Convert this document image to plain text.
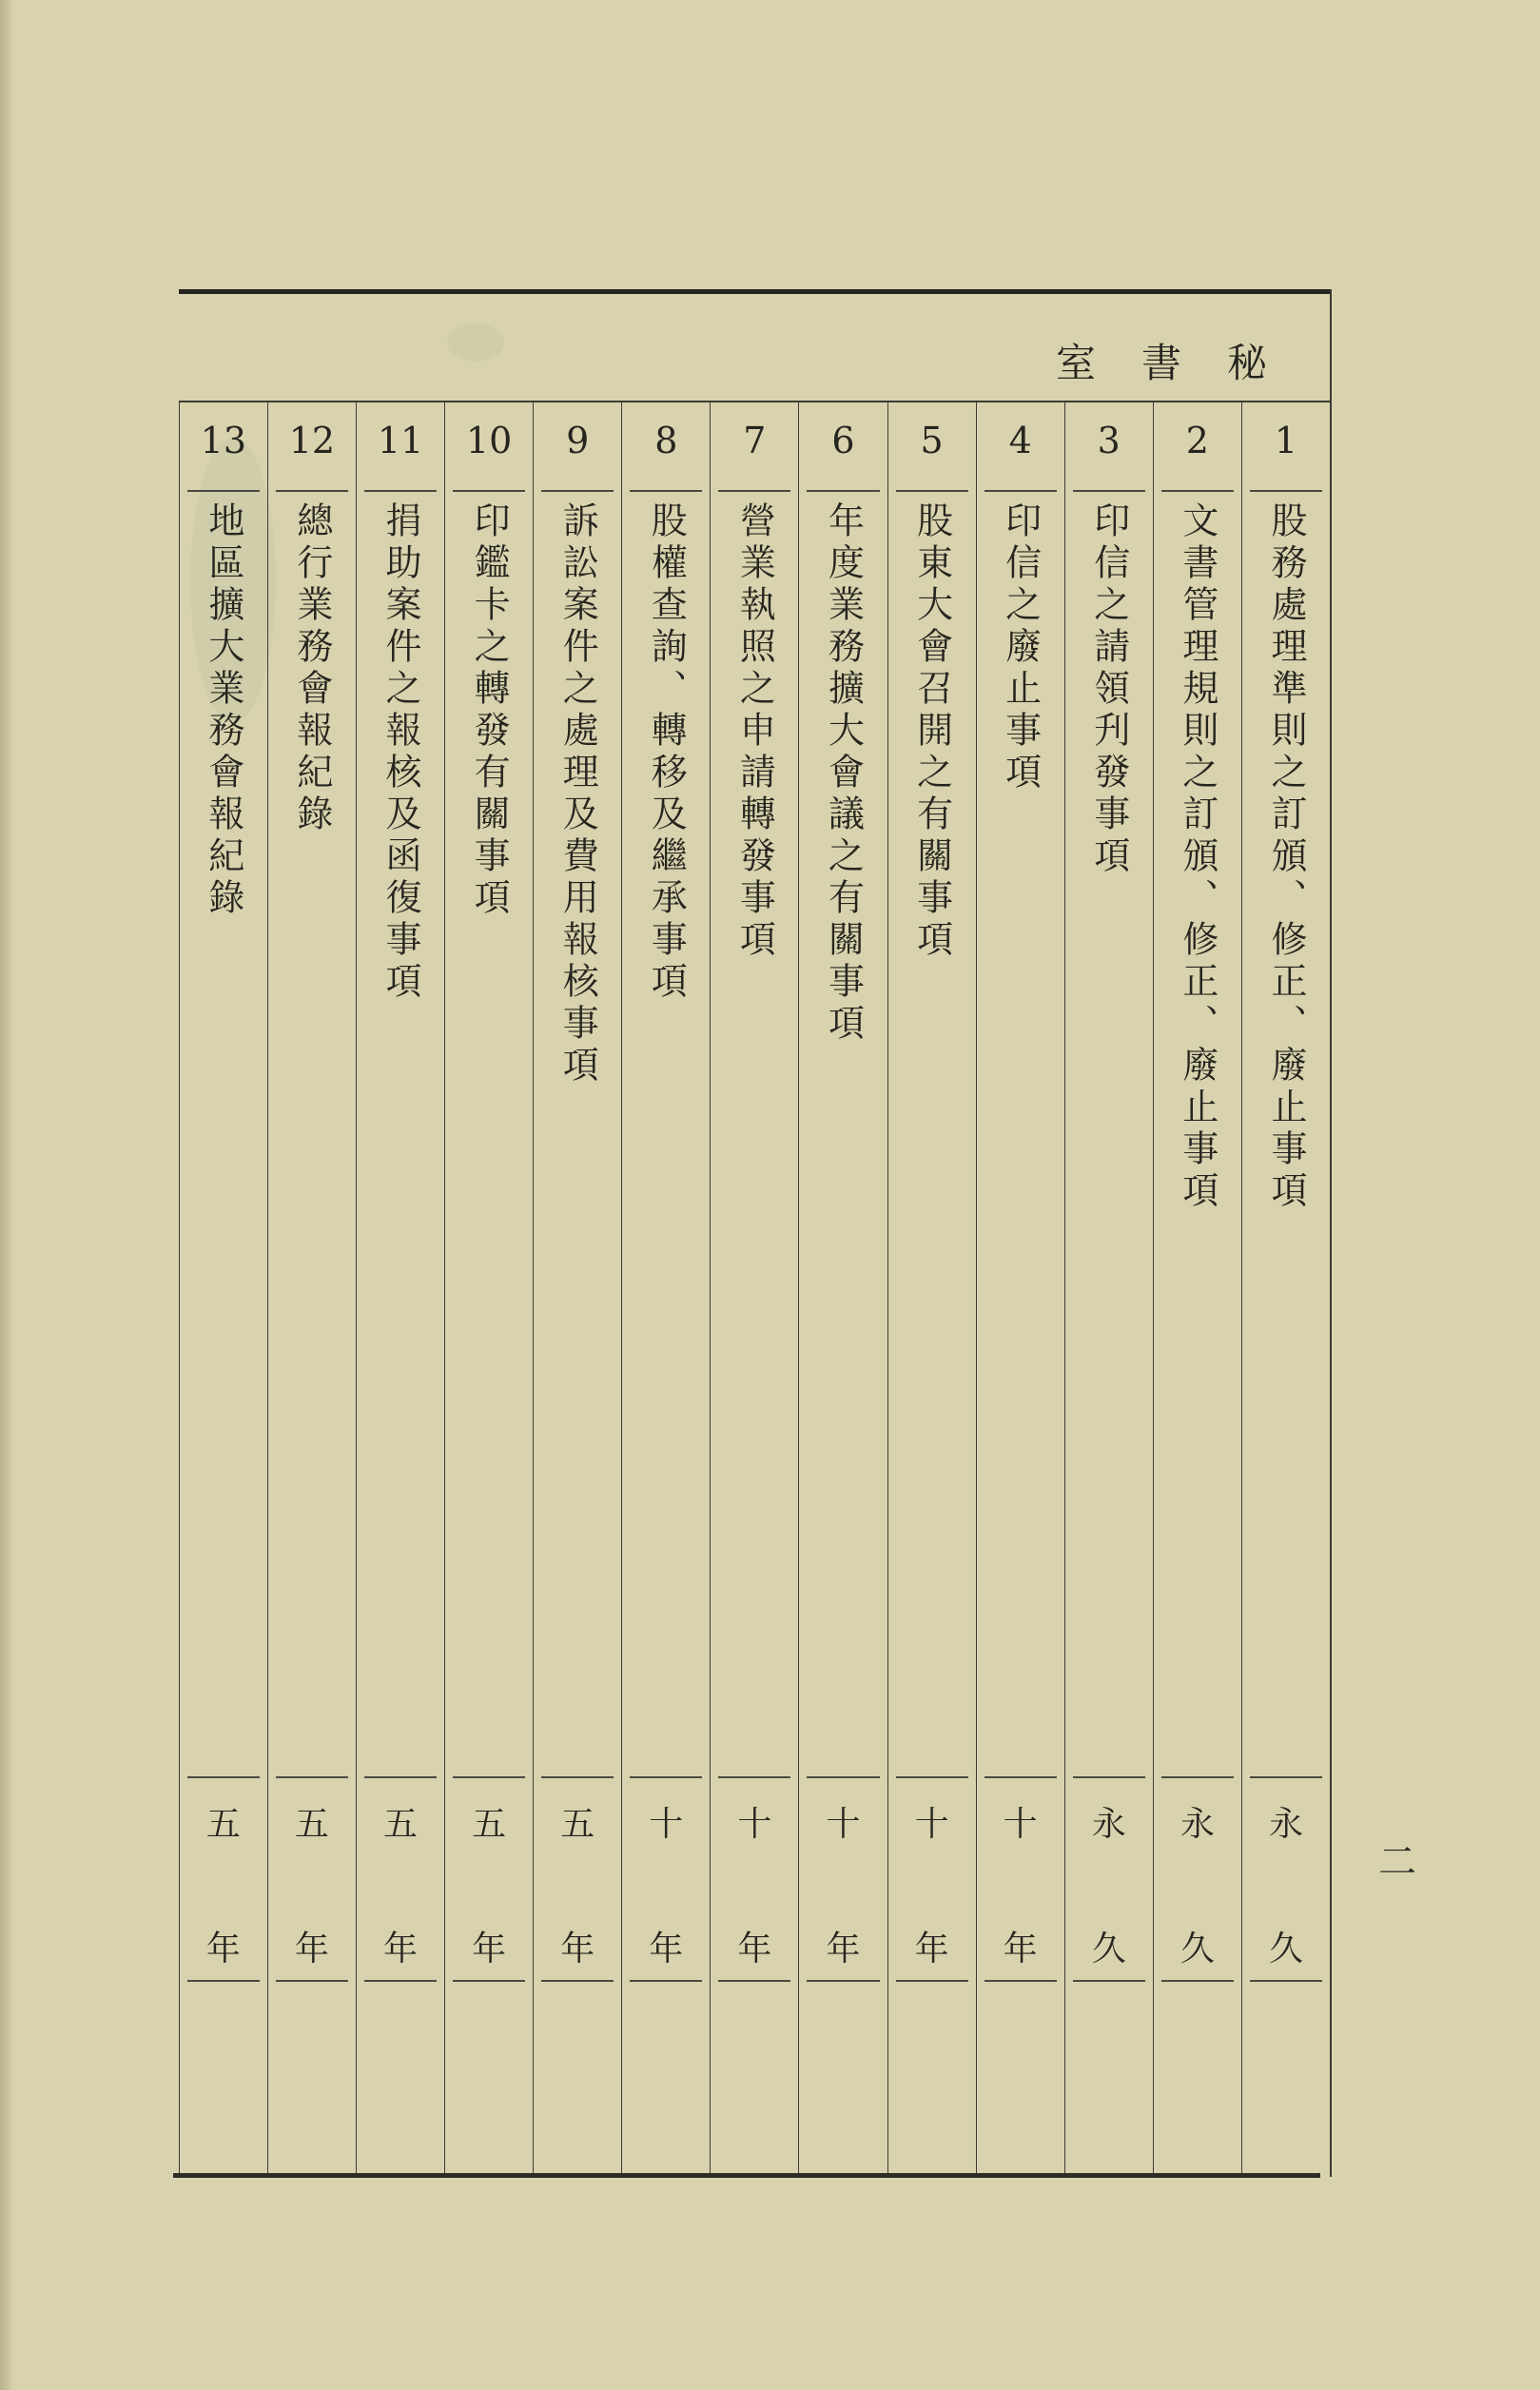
秘書室
1
股務處理準則之訂頒、修正、廢止事項
永
久
2
文書管理規則之訂頒、修正、廢止事項
永
久
3
印信之請領刋發事項
永
久
4
印信之廢止事項
十
年
5
股東大會召開之有關事項
十
年
6
年度業務擴大會議之有關事項
十
年
7
營業執照之申請轉發事項
十
年
8
股權查詢、轉移及繼承事項
十
年
9
訴訟案件之處理及費用報核事項
五
年
10
印鑑卡之轉發有關事項
五
年
11
捐助案件之報核及函復事項
五
年
12
總行業務會報紀錄
五
年
13
地區擴大業務會報紀錄
五
年
二
